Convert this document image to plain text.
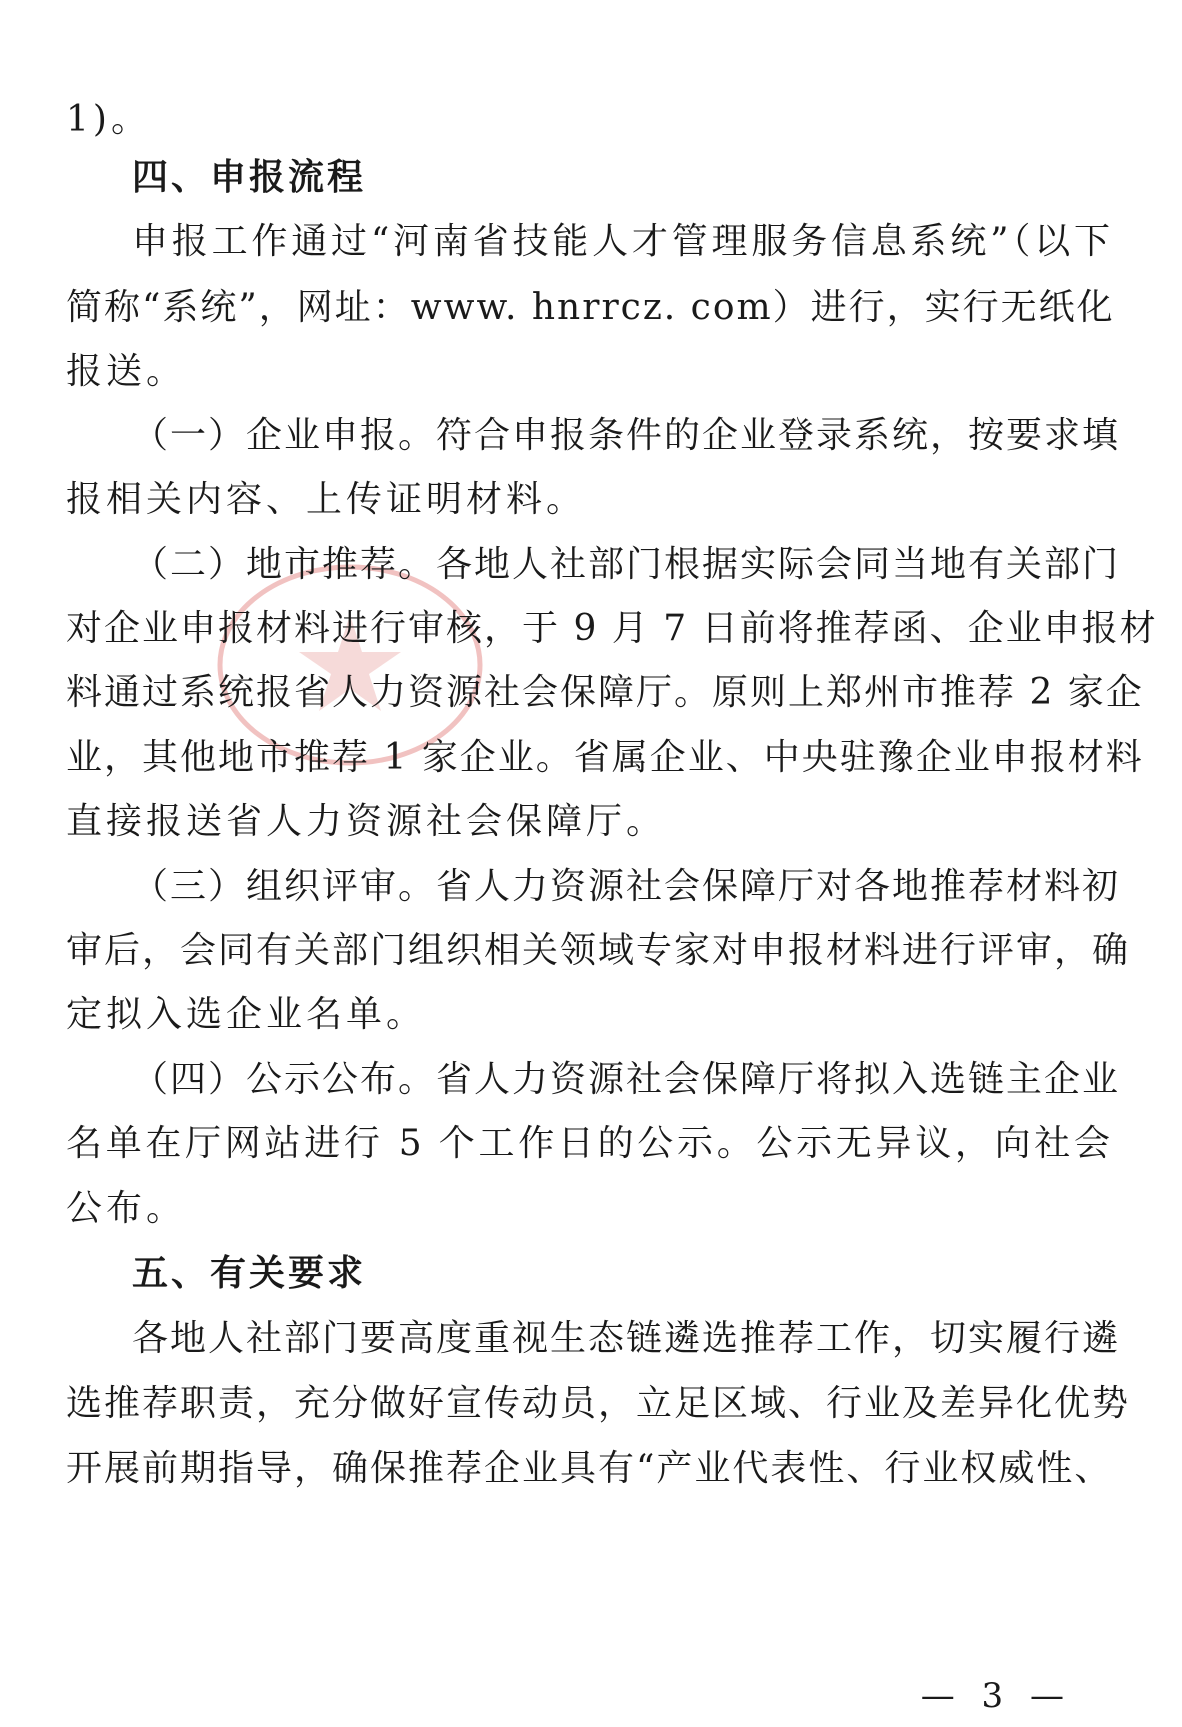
1)。
四、申报流程
申报工作通过“河南省技能人才管理服务信息系统”（以下
简称“系统”，网址：www. hnrrcz. com）进行，实行无纸化
报送。
（一）企业申报。符合申报条件的企业登录系统，按要求填
报相关内容、上传证明材料。
（二）地市推荐。各地人社部门根据实际会同当地有关部门
对企业申报材料进行审核，于 9 月 7 日前将推荐函、企业申报材
料通过系统报省人力资源社会保障厅。原则上郑州市推荐 2 家企
业，其他地市推荐 1 家企业。省属企业、中央驻豫企业申报材料
直接报送省人力资源社会保障厅。
（三）组织评审。省人力资源社会保障厅对各地推荐材料初
审后，会同有关部门组织相关领域专家对申报材料进行评审，确
定拟入选企业名单。
（四）公示公布。省人力资源社会保障厅将拟入选链主企业
名单在厅网站进行 5 个工作日的公示。公示无异议，向社会
公布。
五、有关要求
各地人社部门要高度重视生态链遴选推荐工作，切实履行遴
选推荐职责，充分做好宣传动员，立足区域、行业及差异化优势
开展前期指导，确保推荐企业具有“产业代表性、行业权威性、
— 3 —
